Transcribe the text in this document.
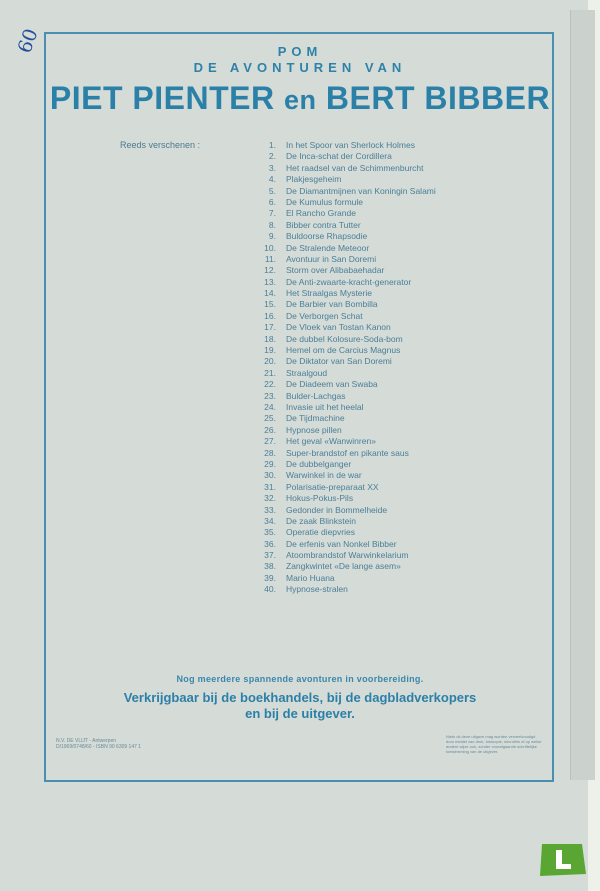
60	POM
DE AVONTUREN VAN
PIET PIENTER en BERT BIBBER
Reeds verschenen :	1. In het Spoor van Sherlock Holmes
2. De Inca-schat der Cordillera
3. Het raadsel van de Schimmenburcht
4. Plakjesgeheim
5. De Diamantmijnen van Koningin Salami
6. De Kumulus formule
7. El Rancho Grande
8. Bibber contra Tutter
9. Buldoorse Rhapsodie
10. De Stralende Meteoor
11. Avontuur in San Doremi
12. Storm over Alibabaehadar
13. De Anti-zwaarte-kracht-generator
14. Het Straalgas Mysterie
15. De Barbier van Bombilla
16. De Verborgen Schat
17. De Vloek van Tostan Kanon
18. De dubbel Kolosure-Soda-bom
19. Hemel om de Carcius Magnus
20. De Diktator van San Doremi
21. Straalgoud
22. De Diadeem van Swaba
23. Bulder-Lachgas
24. Invasie uit het heelal
25. De Tijdmachine
26. Hypnose pillen
27. Het geval «Wanwinren»
28. Super-brandstof en pikante saus
29. De dubbelganger
30. Warwinkel in de war
31. Polarisatie-preparaat XX
32. Hokus-Pokus-Pils
33. Gedonder in Bommelheide
34. De zaak Blinkstein
35. Operatie diepvries
36. De erfenis van Nonkel Bibber
37. Atoombrandstof Warwinkelarium
38. Zangkwintet «De lange asem»
39. Mario Huana
40. Hypnose-stralen
Nog meerdere spannende avonturen in voorbereiding.
Verkrijgbaar bij de boekhandels, bij de dagbladverkopers
en bij de uitgever.
N.V. DE VLIJT - Antwerpen
D/1969/0748/60 - ISBN 90 6309 147 1
Niets uit deze uitgave mag worden verveelvoudigd door middel van druk, fotokopie, microfilm of op welke andere wijze ook, zonder voorafgaande schriftelijke toestemming van de uitgever.
